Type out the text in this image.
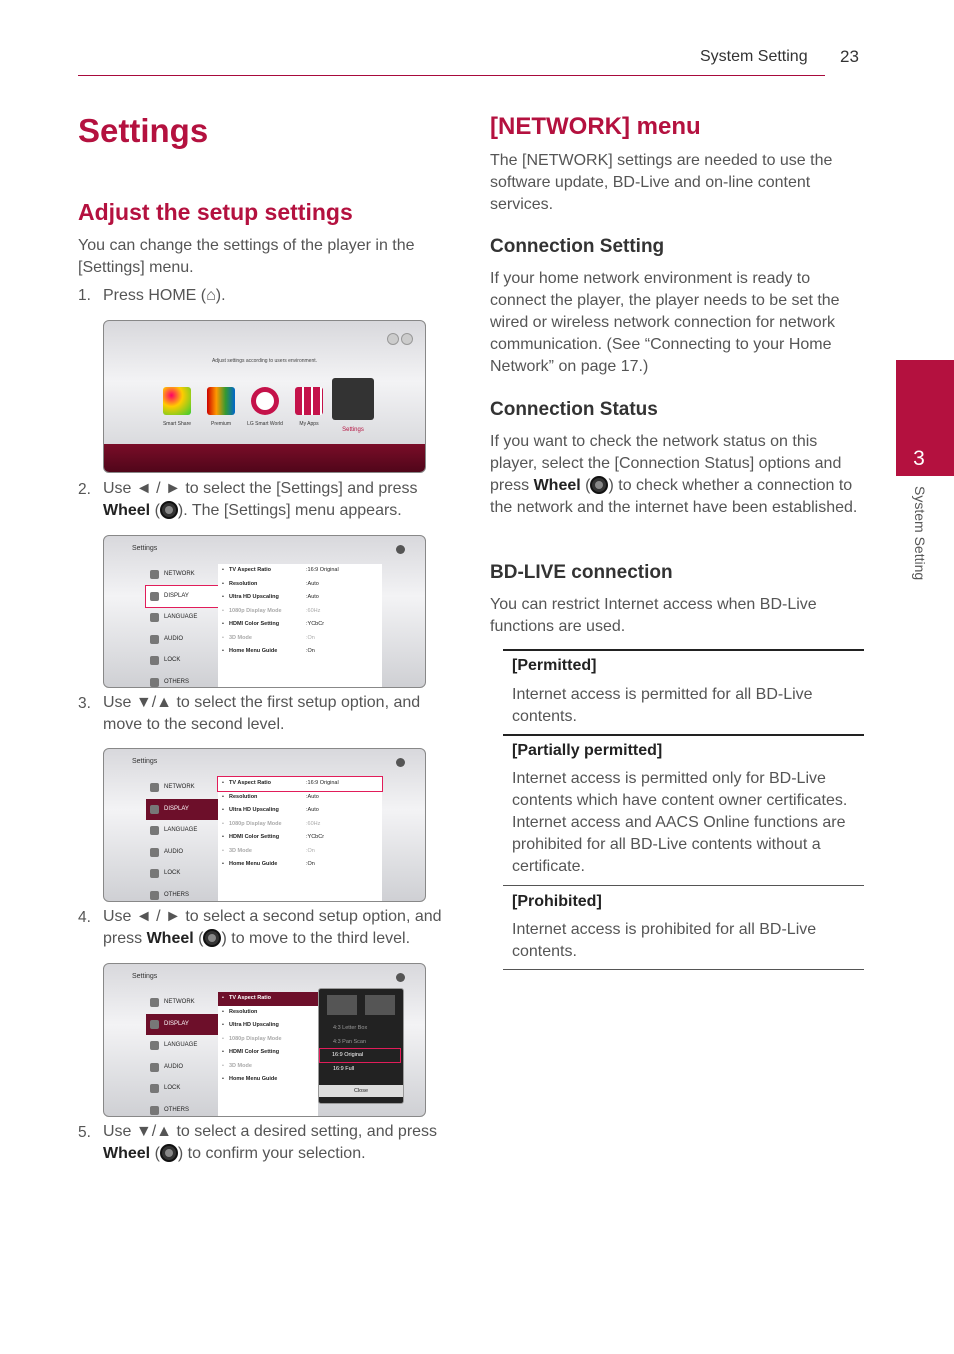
System Setting 23
3
System Setting
Settings
Adjust the setup settings
You can change the settings of the player in the [Settings] menu.
1. Press HOME (⌂).
Adjust settings according to users environment.
Smart Share	Premium	LG Smart World	My Apps
Settings
2. Use ◄ / ► to select the [Settings] and press Wheel ( ). The [Settings] menu appears.
Settings
NETWORK
DISPLAY
LANGUAGE
AUDIO
LOCK
OTHERS
• TV Aspect Ratio	:16:9 Original
• Resolution	:Auto
• Ultra HD Upscaling	:Auto
• 1080p Display Mode	:60Hz
• HDMI Color Setting	:YCbCr
• 3D Mode	:On
• Home Menu Guide	:On
3. Use ▼/▲ to select the first setup option, and move to the second level.
Settings
NETWORK
DISPLAY
LANGUAGE
AUDIO
LOCK
OTHERS
• TV Aspect Ratio	:16:9 Original
• Resolution	:Auto
• Ultra HD Upscaling	:Auto
• 1080p Display Mode	:60Hz
• HDMI Color Setting	:YCbCr
• 3D Mode	:On
• Home Menu Guide	:On
4. Use ◄ / ► to select a second setup option, and press Wheel ( ) to move to the third level.
Settings
NETWORK
DISPLAY
LANGUAGE
AUDIO
LOCK
OTHERS
• TV Aspect Ratio
• Resolution
• Ultra HD Upscaling
• 1080p Display Mode
• HDMI Color Setting
• 3D Mode
• Home Menu Guide
4:3 Letter Box
4:3 Pan Scan
16:9 Original
16:9 Full
Close
5. Use ▼/▲ to select a desired setting, and press Wheel ( ) to confirm your selection.
[NETWORK] menu
The [NETWORK] settings are needed to use the software update, BD-Live and on-line content services.
Connection Setting
If your home network environment is ready to connect the player, the player needs to be set the wired or wireless network connection for network communication. (See “Connecting to your Home Network” on page 17.)
Connection Status
If you want to check the network status on this player, select the [Connection Status] options and press Wheel ( ) to check whether a connection to the network and the internet have been established.
BD-LIVE connection
You can restrict Internet access when BD-Live functions are used.
[Permitted]
Internet access is permitted for all BD-Live contents.
[Partially permitted]
Internet access is permitted only for BD-Live contents which have content owner certificates. Internet access and AACS Online functions are prohibited for all BD-Live contents without a certificate.
[Prohibited]
Internet access is prohibited for all BD-Live contents.
